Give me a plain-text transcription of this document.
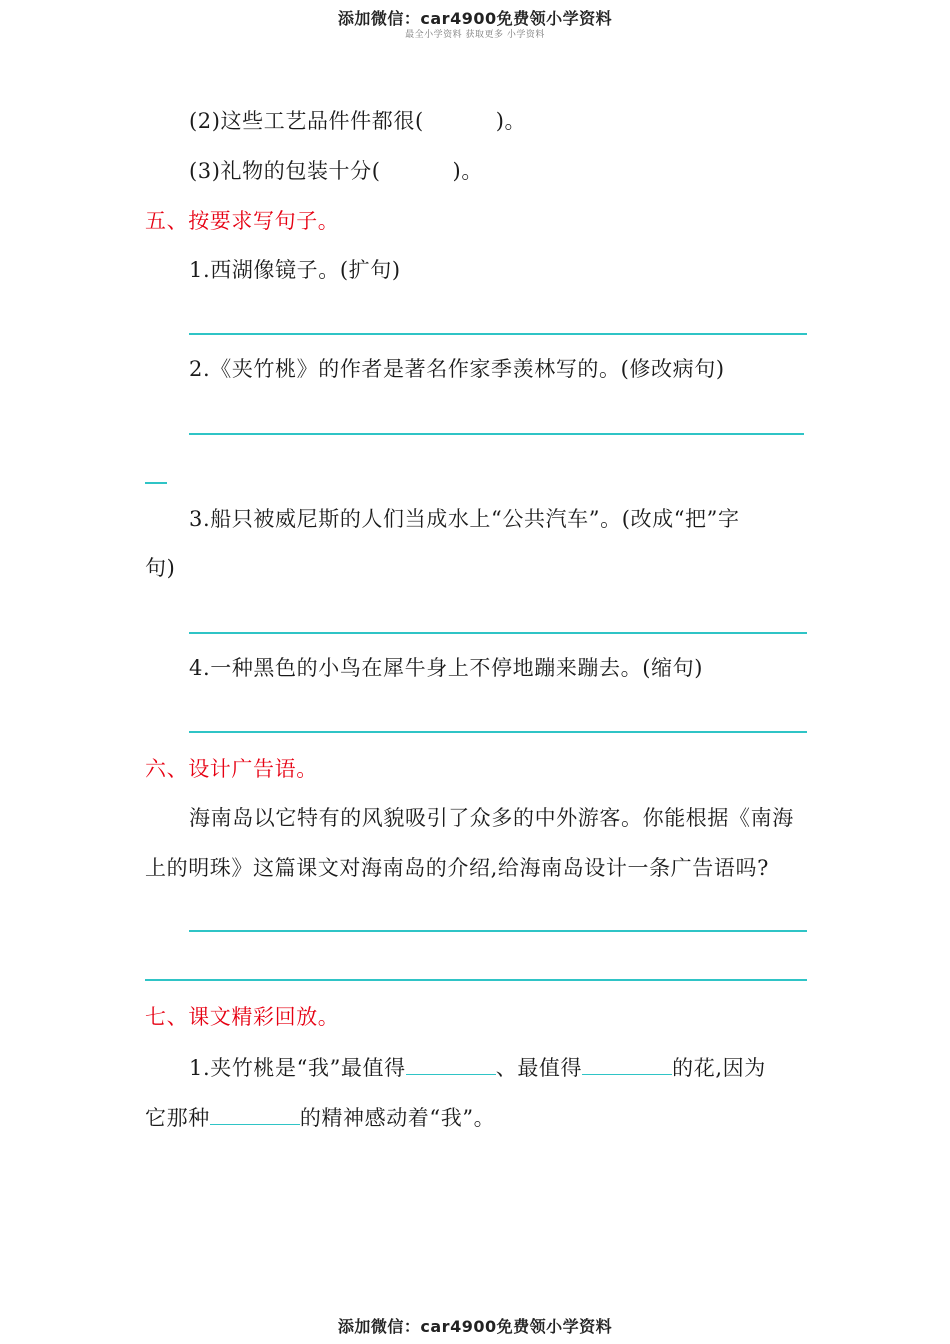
添加微信：car4900免费领小学资料
最全小学资料 获取更多 小学资料
(2)这些工艺品件件都很(	)。
(3)礼物的包装十分(	)。
五、按要求写句子。
1.西湖像镜子。(扩句)
2.《夹竹桃》的作者是著名作家季羡林写的。(修改病句)
3.船只被威尼斯的人们当成水上“公共汽车”。(改成“把”字
句)
4.一种黑色的小鸟在犀牛身上不停地蹦来蹦去。(缩句)
六、设计广告语。
海南岛以它特有的风貌吸引了众多的中外游客。你能根据《南海
上的明珠》这篇课文对海南岛的介绍,给海南岛设计一条广告语吗?
七、课文精彩回放。
1.夹竹桃是“我”最值得	、最值得	的花,因为
它那种	的精神感动着“我”。
添加微信：car4900免费领小学资料
